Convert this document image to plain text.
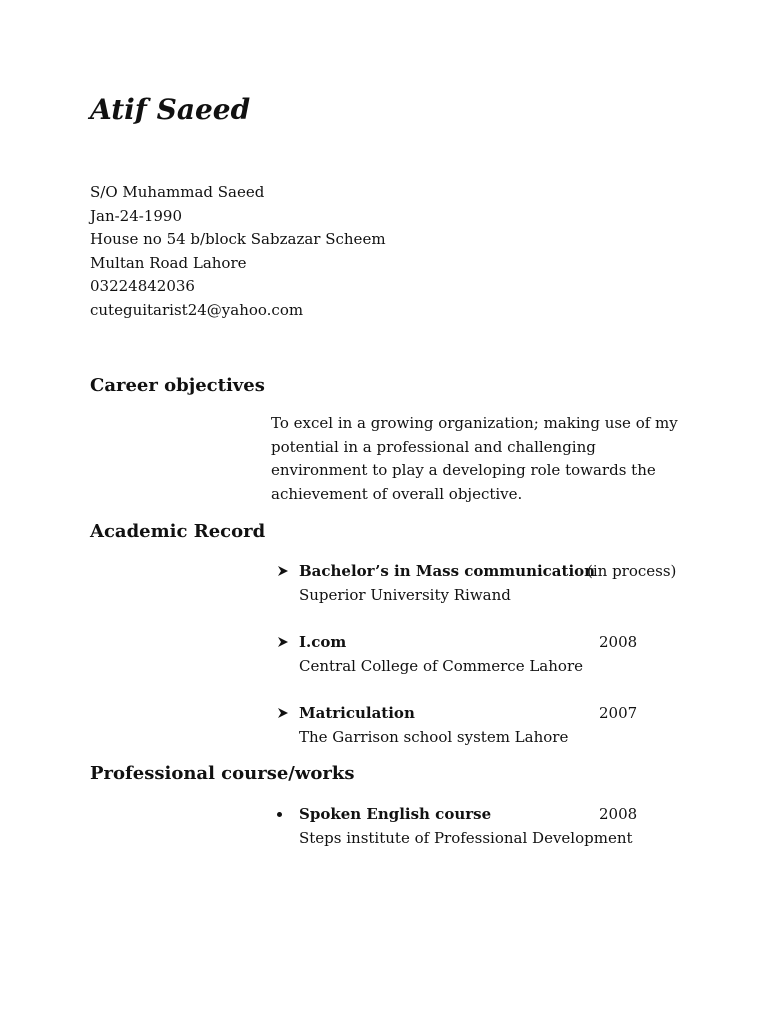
Atif Saeed
S/O Muhammad Saeed
Jan-24-1990
House no 54 b/block Sabzazar Scheem
Multan Road Lahore
03224842036
cuteguitarist24@yahoo.com
Career objectives
To excel in a growing organization; making use of my
potential in a professional and challenging
environment to play a developing role towards the
achievement of overall objective.
Academic Record
Bachelor’s in Mass communication
(in process)
Superior University Riwand
I.com	2008
Central College of Commerce Lahore
Matriculation	2007
The Garrison school system Lahore
Professional course/works
Spoken English course	2008
Steps institute of Professional Development
